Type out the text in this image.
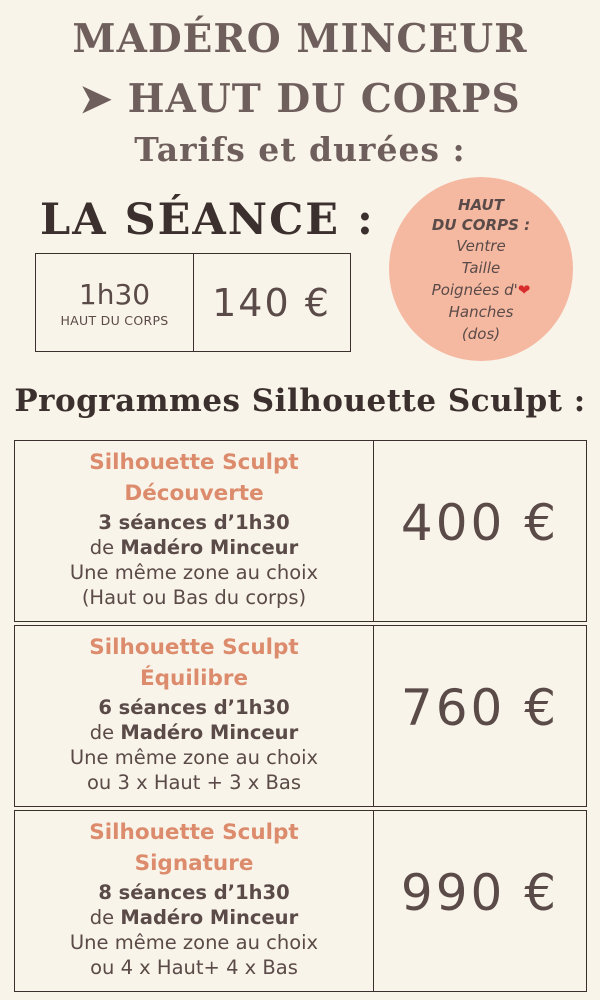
MADÉRO MINCEUR
➤ HAUT DU CORPS
Tarifs et durées :
LA SÉANCE :
1h30
HAUT DU CORPS	140 €
HAUT
DU CORPS :
Ventre
Taille
Poignées d'❤
Hanches
(dos)
Programmes Silhouette Sculpt :
Silhouette Sculpt
Découverte
3 séances d’1h30
de Madéro Minceur
Une même zone au choix
(Haut ou Bas du corps)
400 €
Silhouette Sculpt
Équilibre
6 séances d’1h30
de Madéro Minceur
Une même zone au choix
ou 3 x Haut + 3 x Bas
760 €
Silhouette Sculpt
Signature
8 séances d’1h30
de Madéro Minceur
Une même zone au choix
ou 4 x Haut+ 4 x Bas
990 €
